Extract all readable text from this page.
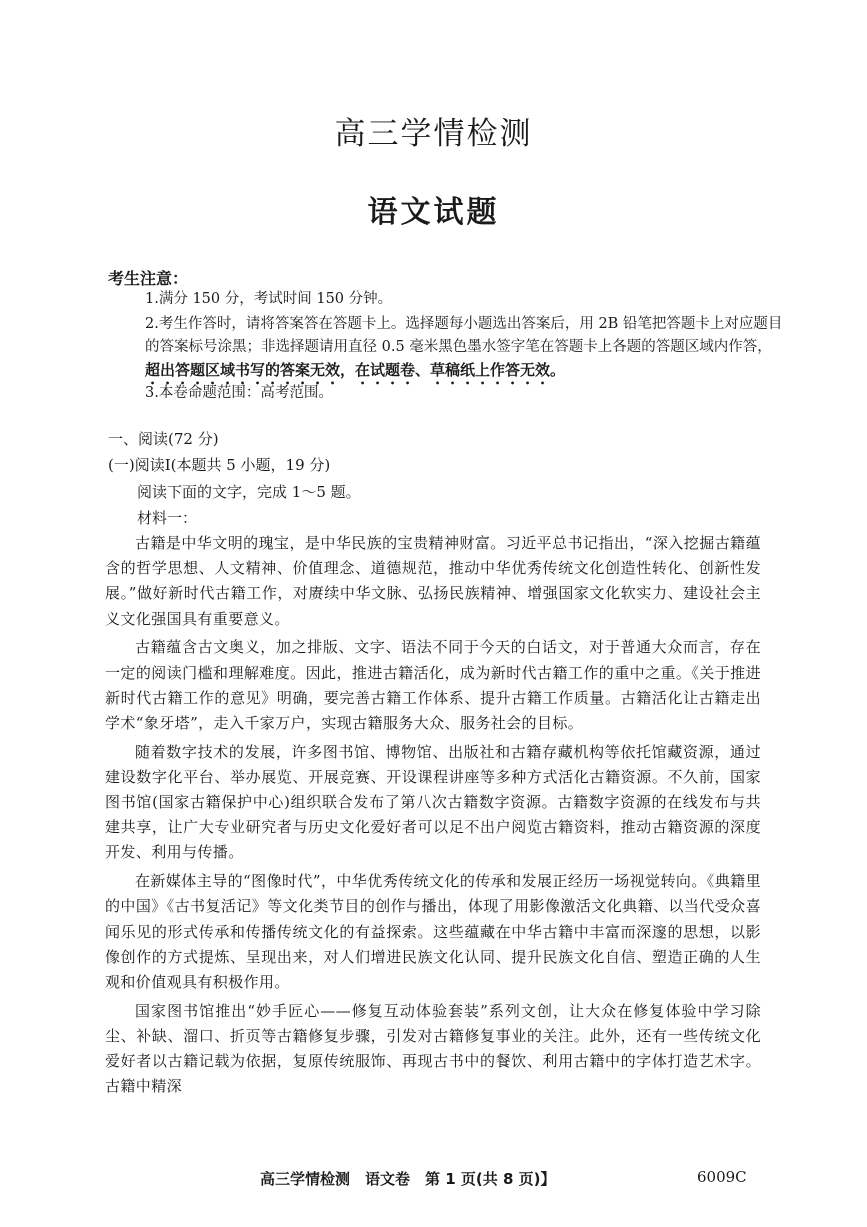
高三学情检测
语文试题
考生注意：
1.满分 150 分，考试时间 150 分钟。
2.考生作答时，请将答案答在答题卡上。选择题每小题选出答案后，用 2B 铅笔把答题卡上对应题目的答案标号涂黑；非选择题请用直径 0.5 毫米黑色墨水签字笔在答题卡上各题的答题区域内作答，超出答题区域书写的答案无效，在试题卷、草稿纸上作答无效。
3.本卷命题范围：高考范围。
一、阅读(72 分)
(一)阅读Ⅰ(本题共 5 小题，19 分)
阅读下面的文字，完成 1～5 题。
材料一：

古籍是中华文明的瑰宝，是中华民族的宝贵精神财富。习近平总书记指出，“深入挖掘古籍蕴含的哲学思想、人文精神、价值理念、道德规范，推动中华优秀传统文化创造性转化、创新性发展。”做好新时代古籍工作，对赓续中华文脉、弘扬民族精神、增强国家文化软实力、建设社会主义文化强国具有重要意义。

古籍蕴含古文奥义，加之排版、文字、语法不同于今天的白话文，对于普通大众而言，存在一定的阅读门槛和理解难度。因此，推进古籍活化，成为新时代古籍工作的重中之重。《关于推进新时代古籍工作的意见》明确，要完善古籍工作体系、提升古籍工作质量。古籍活化让古籍走出学术“象牙塔”，走入千家万户，实现古籍服务大众、服务社会的目标。

随着数字技术的发展，许多图书馆、博物馆、出版社和古籍存藏机构等依托馆藏资源，通过建设数字化平台、举办展览、开展竞赛、开设课程讲座等多种方式活化古籍资源。不久前，国家图书馆(国家古籍保护中心)组织联合发布了第八次古籍数字资源。古籍数字资源的在线发布与共建共享，让广大专业研究者与历史文化爱好者可以足不出户阅览古籍资料，推动古籍资源的深度开发、利用与传播。

在新媒体主导的“图像时代”，中华优秀传统文化的传承和发展正经历一场视觉转向。《典籍里的中国》《古书复活记》等文化类节目的创作与播出，体现了用影像激活文化典籍、以当代受众喜闻乐见的形式传承和传播传统文化的有益探索。这些蕴藏在中华古籍中丰富而深邃的思想，以影像创作的方式提炼、呈现出来，对人们增进民族文化认同、提升民族文化自信、塑造正确的人生观和价值观具有积极作用。

国家图书馆推出“妙手匠心——修复互动体验套装”系列文创，让大众在修复体验中学习除尘、补缺、溜口、折页等古籍修复步骤，引发对古籍修复事业的关注。此外，还有一些传统文化爱好者以古籍记载为依据，复原传统服饰、再现古书中的餐饮、利用古籍中的字体打造艺术字。古籍中精深

高三学情检测　语文卷　第 1 页(共 8 页)】	6009C
